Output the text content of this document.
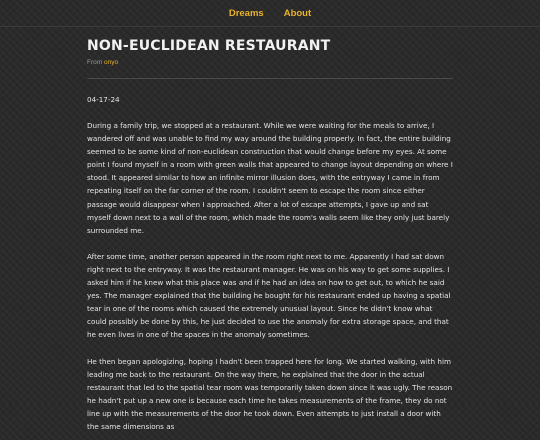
Dreams About
NON-EUCLIDEAN RESTAURANT
From onyo
04-17-24

During a family trip, we stopped at a restaurant. While we were waiting for the meals to arrive, I wandered off and was unable to find my way around the building properly. In fact, the entire building seemed to be some kind of non-euclidean construction that would change before my eyes. At some point I found myself in a room with green walls that appeared to change layout depending on where I stood. It appeared similar to how an infinite mirror illusion does, with the entryway I came in from repeating itself on the far corner of the room. I couldn't seem to escape the room since either passage would disappear when I approached. After a lot of escape attempts, I gave up and sat myself down next to a wall of the room, which made the room's walls seem like they only just barely surrounded me.

After some time, another person appeared in the room right next to me. Apparently I had sat down right next to the entryway. It was the restaurant manager. He was on his way to get some supplies. I asked him if he knew what this place was and if he had an idea on how to get out, to which he said yes. The manager explained that the building he bought for his restaurant ended up having a spatial tear in one of the rooms which caused the extremely unusual layout. Since he didn't know what could possibly be done by this, he just decided to use the anomaly for extra storage space, and that he even lives in one of the spaces in the anomaly sometimes.

He then began apologizing, hoping I hadn't been trapped here for long. We started walking, with him leading me back to the restaurant. On the way there, he explained that the door in the actual restaurant that led to the spatial tear room was temporarily taken down since it was ugly. The reason he hadn't put up a new one is because each time he takes measurements of the frame, they do not line up with the measurements of the door he took down. Even attempts to just install a door with the same dimensions as
